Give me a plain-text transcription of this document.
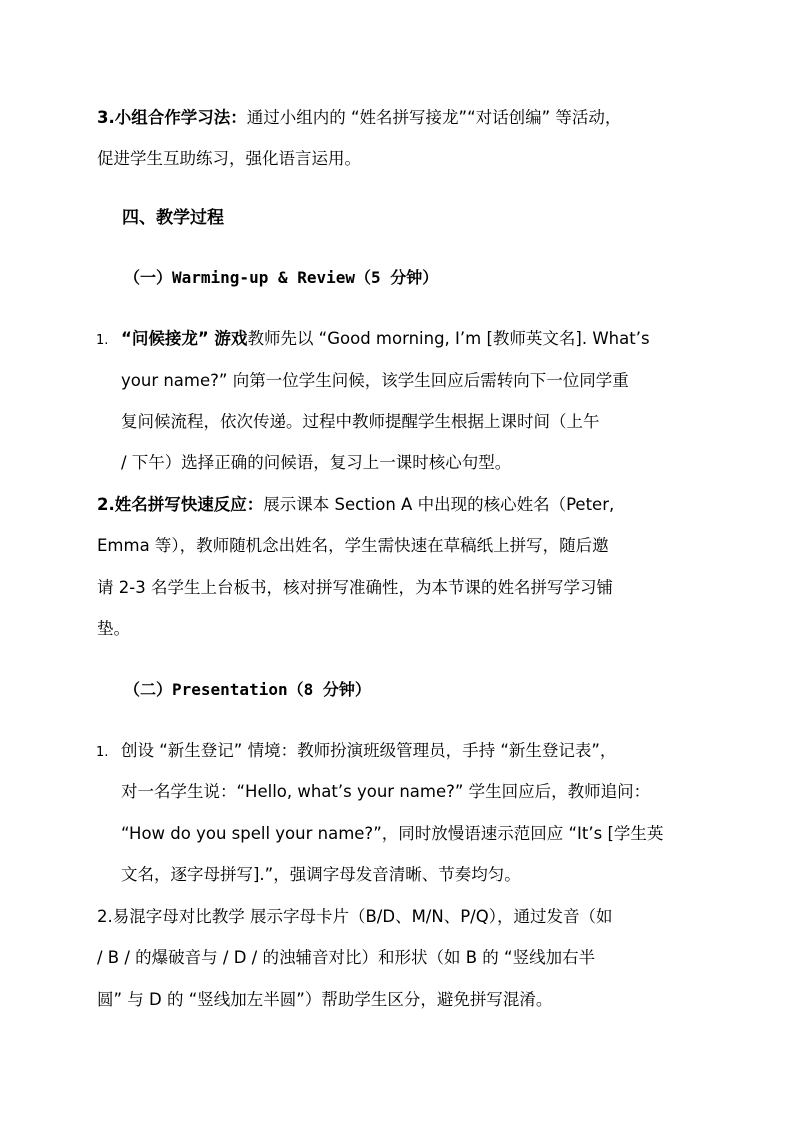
3.小组合作学习法：通过小组内的 “姓名拼写接龙”“对话创编” 等活动，
促进学生互助练习，强化语言运用。
四、教学过程
（一）Warming-up & Review（5 分钟）
1. “问候接龙” 游戏教师先以 “Good morning, I’m [教师英文名]. What’s
your name?” 向第一位学生问候，该学生回应后需转向下一位同学重
复问候流程，依次传递。过程中教师提醒学生根据上课时间（上午
/ 下午）选择正确的问候语，复习上一课时核心句型。
2.姓名拼写快速反应：展示课本 Section A 中出现的核心姓名（Peter,
Emma 等），教师随机念出姓名，学生需快速在草稿纸上拼写，随后邀
请 2-3 名学生上台板书，核对拼写准确性，为本节课的姓名拼写学习铺
垫。
（二）Presentation（8 分钟）
1. 创设 “新生登记” 情境：教师扮演班级管理员，手持 “新生登记表”，
对一名学生说：“Hello, what’s your name?” 学生回应后，教师追问：
“How do you spell your name?”，同时放慢语速示范回应 “It’s [学生英
文名，逐字母拼写].”，强调字母发音清晰、节奏均匀。
2.易混字母对比教学 展示字母卡片（B/D、M/N、P/Q），通过发音（如
/ B / 的爆破音与 / D / 的浊辅音对比）和形状（如 B 的 “竖线加右半
圆” 与 D 的 “竖线加左半圆”）帮助学生区分，避免拼写混淆。
